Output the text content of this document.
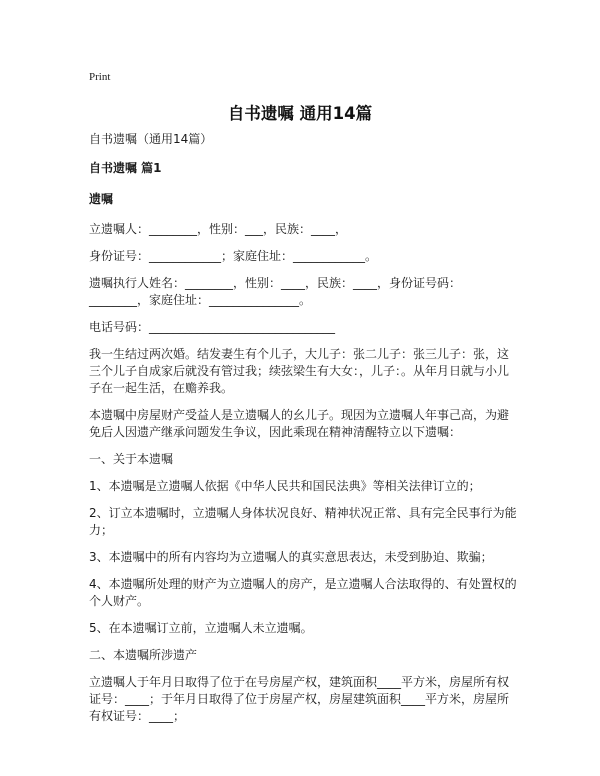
Print
自书遗嘱 通用14篇

自书遗嘱（通用14篇）

自书遗嘱 篇1

遗嘱

立遗嘱人：________，性别：___，民族：____，

身份证号：____________；家庭住址：____________。

遗嘱执行人姓名：________，性别：____，民族：____，身份证号码：________，家庭住址：_______________。

电话号码：_______________________________

我一生结过两次婚。结发妻生有个儿子，大儿子：张二儿子：张三儿子：张，这三个儿子自成家后就没有管过我；续弦梁生有大女：，儿子：。从年月日就与小儿子在一起生活，在赡养我。

本遗嘱中房屋财产受益人是立遗嘱人的幺儿子。现因为立遗嘱人年事己高，为避免后人因遗产继承问题发生争议，因此乘现在精神清醒特立以下遗嘱：

一、关于本遗嘱

1、本遗嘱是立遗嘱人依据《中华人民共和国民法典》等相关法律订立的；

2、订立本遗嘱时，立遗嘱人身体状况良好、精神状况正常、具有完全民事行为能力；

3、本遗嘱中的所有内容均为立遗嘱人的真实意思表达，未受到胁迫、欺骗；

4、本遗嘱所处理的财产为立遗嘱人的房产，是立遗嘱人合法取得的、有处置权的个人财产。

5、在本遗嘱订立前，立遗嘱人未立遗嘱。

二、本遗嘱所涉遗产

立遗嘱人于年月日取得了位于在号房屋产权，建筑面积____平方米，房屋所有权证号：____；于年月日取得了位于房屋产权，房屋建筑面积____平方米，房屋所有权证号：____；
